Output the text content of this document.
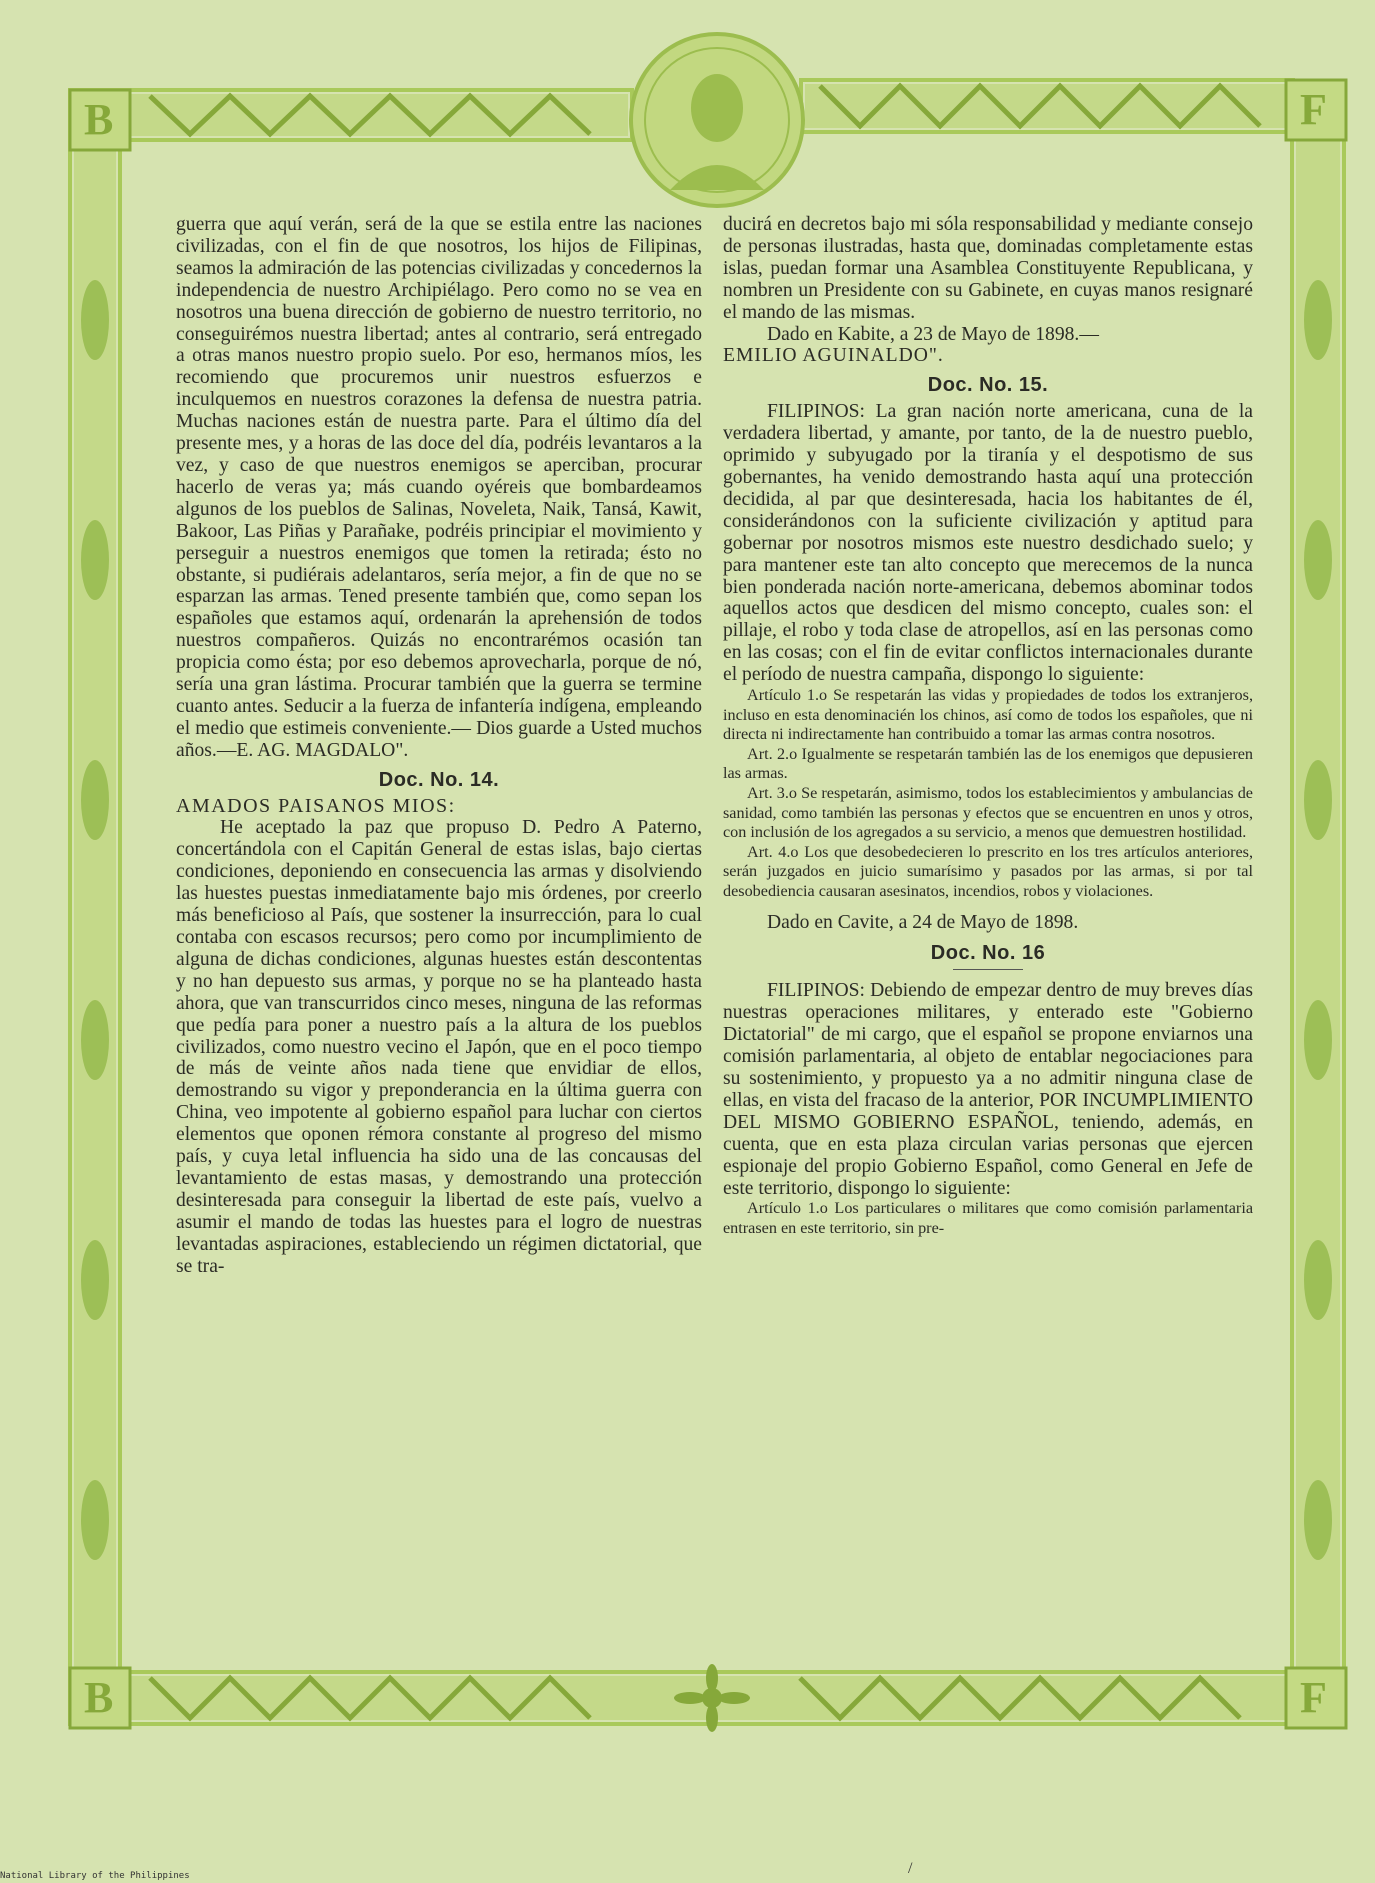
guerra que aquí verán, será de la que se estila entre las naciones civilizadas, con el fin de que nosotros, los hijos de Filipinas, seamos la admiración de las potencias civilizadas y concedernos la independencia de nuestro Archipiélago. Pero como no se vea en nosotros una buena dirección de gobierno de nuestro territorio, no conseguirémos nuestra libertad; antes al contrario, será entregado a otras manos nuestro propio suelo. Por eso, hermanos míos, les recomiendo que procuremos unir nuestros esfuerzos e inculquemos en nuestros corazones la defensa de nuestra patria. Muchas naciones están de nuestra parte. Para el último día del presente mes, y a horas de las doce del día, podréis levantaros a la vez, y caso de que nuestros enemigos se aperciban, procurar hacerlo de veras ya; más cuando oyéreis que bombardeamos algunos de los pueblos de Salinas, Noveleta, Naik, Tansá, Kawit, Bakoor, Las Piñas y Parañake, podréis principiar el movimiento y perseguir a nuestros enemigos que tomen la retirada; ésto no obstante, si pudiérais adelantaros, sería mejor, a fin de que no se esparzan las armas. Tened presente también que, como sepan los españoles que estamos aquí, ordenarán la aprehensión de todos nuestros compañeros. Quizás no encontrarémos ocasión tan propicia como ésta; por eso debemos aprovecharla, porque de nó, sería una gran lástima. Procurar también que la guerra se termine cuanto antes. Seducir a la fuerza de infantería indígena, empleando el medio que estimeis conveniente.— Dios guarde a Usted muchos años.—E. AG. MAGDALO".

Doc. No. 14.

AMADOS PAISANOS MIOS:

He aceptado la paz que propuso D. Pedro A Paterno, concertándola con el Capitán General de estas islas, bajo ciertas condiciones, deponiendo en consecuencia las armas y disolviendo las huestes puestas inmediatamente bajo mis órdenes, por creerlo más beneficioso al País, que sostener la insurrección, para lo cual contaba con escasos recursos; pero como por incumplimiento de alguna de dichas condiciones, algunas huestes están descontentas y no han depuesto sus armas, y porque no se ha planteado hasta ahora, que van transcurridos cinco meses, ninguna de las reformas que pedía para poner a nuestro país a la altura de los pueblos civilizados, como nuestro vecino el Japón, que en el poco tiempo de más de veinte años nada tiene que envidiar de ellos, demostrando su vigor y preponderancia en la última guerra con China, veo impotente al gobierno español para luchar con ciertos elementos que oponen rémora constante al progreso del mismo país, y cuya letal influencia ha sido una de las concausas del levantamiento de estas masas, y demostrando una protección desinteresada para conseguir la libertad de este país, vuelvo a asumir el mando de todas las huestes para el logro de nuestras levantadas aspiraciones, estableciendo un régimen dictatorial, que se tra-

ducirá en decretos bajo mi sóla responsabilidad y mediante consejo de personas ilustradas, hasta que, dominadas completamente estas islas, puedan formar una Asamblea Constituyente Republicana, y nombren un Presidente con su Gabinete, en cuyas manos resignaré el mando de las mismas.

Dado en Kabite, a 23 de Mayo de 1898.—

EMILIO AGUINALDO".

Doc. No. 15.

FILIPINOS: La gran nación norte americana, cuna de la verdadera libertad, y amante, por tanto, de la de nuestro pueblo, oprimido y subyugado por la tiranía y el despotismo de sus gobernantes, ha venido demostrando hasta aquí una protección decidida, al par que desinteresada, hacia los habitantes de él, considerándonos con la suficiente civilización y aptitud para gobernar por nosotros mismos este nuestro desdichado suelo; y para mantener este tan alto concepto que merecemos de la nunca bien ponderada nación norte-americana, debemos abominar todos aquellos actos que desdicen del mismo concepto, cuales son: el pillaje, el robo y toda clase de atropellos, así en las personas como en las cosas; con el fin de evitar conflictos internacionales durante el período de nuestra campaña, dispongo lo siguiente:

Artículo 1.o Se respetarán las vidas y propiedades de todos los extranjeros, incluso en esta denominacién los chinos, así como de todos los españoles, que ni directa ni indirectamente han contribuido a tomar las armas contra nosotros.

Art. 2.o Igualmente se respetarán también las de los enemigos que depusieren las armas.

Art. 3.o Se respetarán, asimismo, todos los establecimientos y ambulancias de sanidad, como también las personas y efectos que se encuentren en unos y otros, con inclusión de los agregados a su servicio, a menos que demuestren hostilidad.

Art. 4.o Los que desobedecieren lo prescrito en los tres artículos anteriores, serán juzgados en juicio sumarísimo y pasados por las armas, si por tal desobediencia causaran asesinatos, incendios, robos y violaciones.

Dado en Cavite, a 24 de Mayo de 1898.

Doc. No. 16

FILIPINOS: Debiendo de empezar dentro de muy breves días nuestras operaciones militares, y enterado este "Gobierno Dictatorial" de mi cargo, que el español se propone enviarnos una comisión parlamentaria, al objeto de entablar negociaciones para su sostenimiento, y propuesto ya a no admitir ninguna clase de ellas, en vista del fracaso de la anterior, POR INCUMPLIMIENTO DEL MISMO GOBIERNO ESPAÑOL, teniendo, además, en cuenta, que en esta plaza circulan varias personas que ejercen espionaje del propio Gobierno Español, como General en Jefe de este territorio, dispongo lo siguiente:

Artículo 1.o Los particulares o militares que como comisión parlamentaria entrasen en este territorio, sin pre-

/
National Library of the Philippines
B	F
B	F
